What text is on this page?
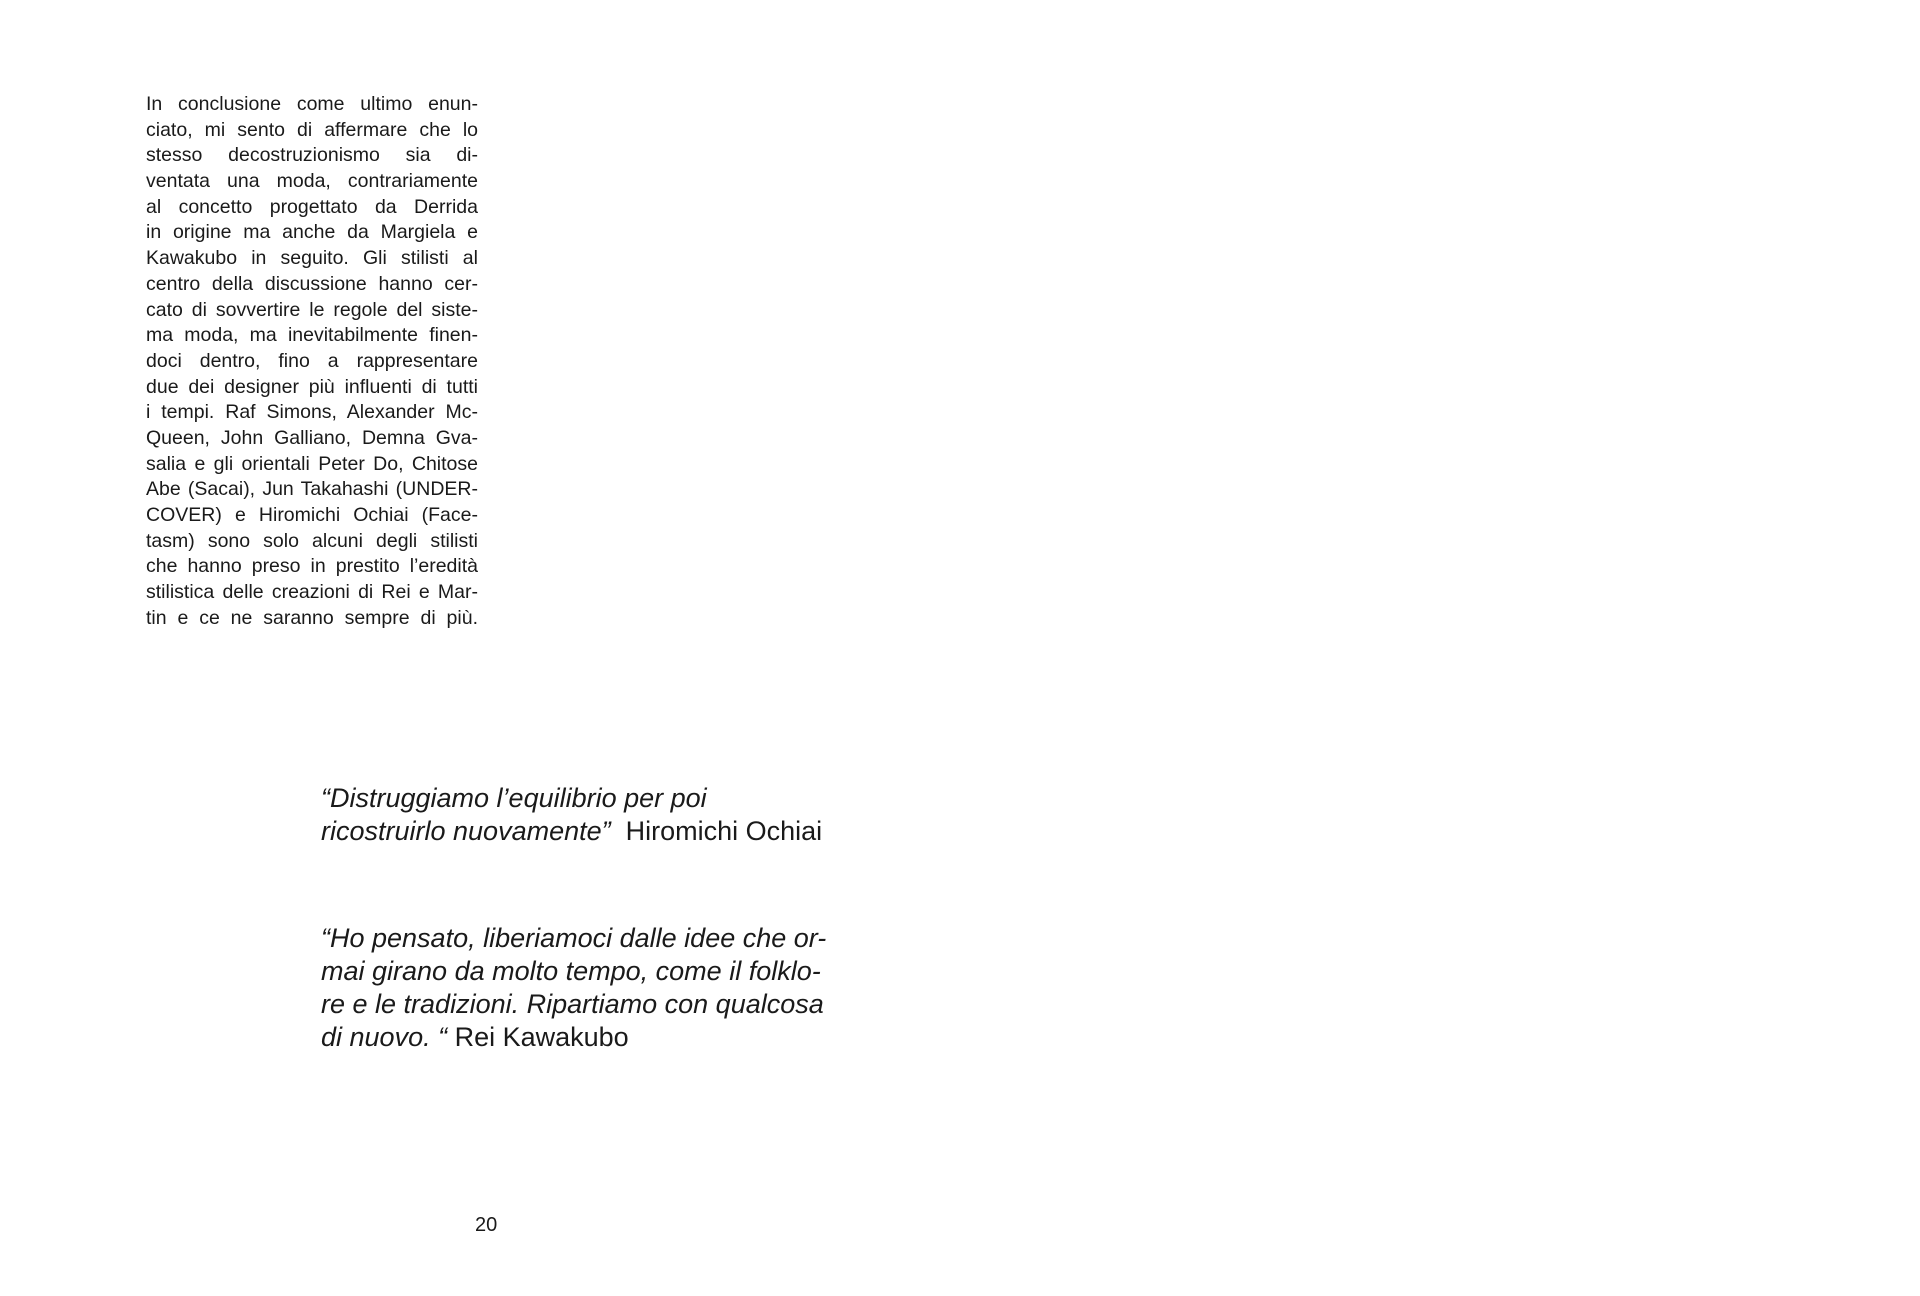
In conclusione come ultimo enun-
ciato, mi sento di affermare che lo
stesso decostruzionismo sia di-
ventata una moda, contrariamente
al concetto progettato da Derrida
in origine ma anche da Margiela e
Kawakubo in seguito. Gli stilisti al
centro della discussione hanno cer-
cato di sovvertire le regole del siste-
ma moda, ma inevitabilmente finen-
doci dentro, fino a rappresentare
due dei designer più influenti di tutti
i tempi. Raf Simons, Alexander Mc-
Queen, John Galliano, Demna Gva-
salia e gli orientali Peter Do, Chitose
Abe (Sacai), Jun Takahashi (UNDER-
COVER) e Hiromichi Ochiai (Face-
tasm) sono solo alcuni degli stilisti
che hanno preso in prestito l’eredità
stilistica delle creazioni di Rei e Mar-
tin e ce ne saranno sempre di più.

“Distruggiamo l’equilibrio per poi
ricostruirlo nuovamente” Hiromichi Ochiai
“Ho pensato, liberiamoci dalle idee che or-
mai girano da molto tempo, come il folklo-
re e le tradizioni. Ripartiamo con qualcosa
di nuovo. “ Rei Kawakubo

20
